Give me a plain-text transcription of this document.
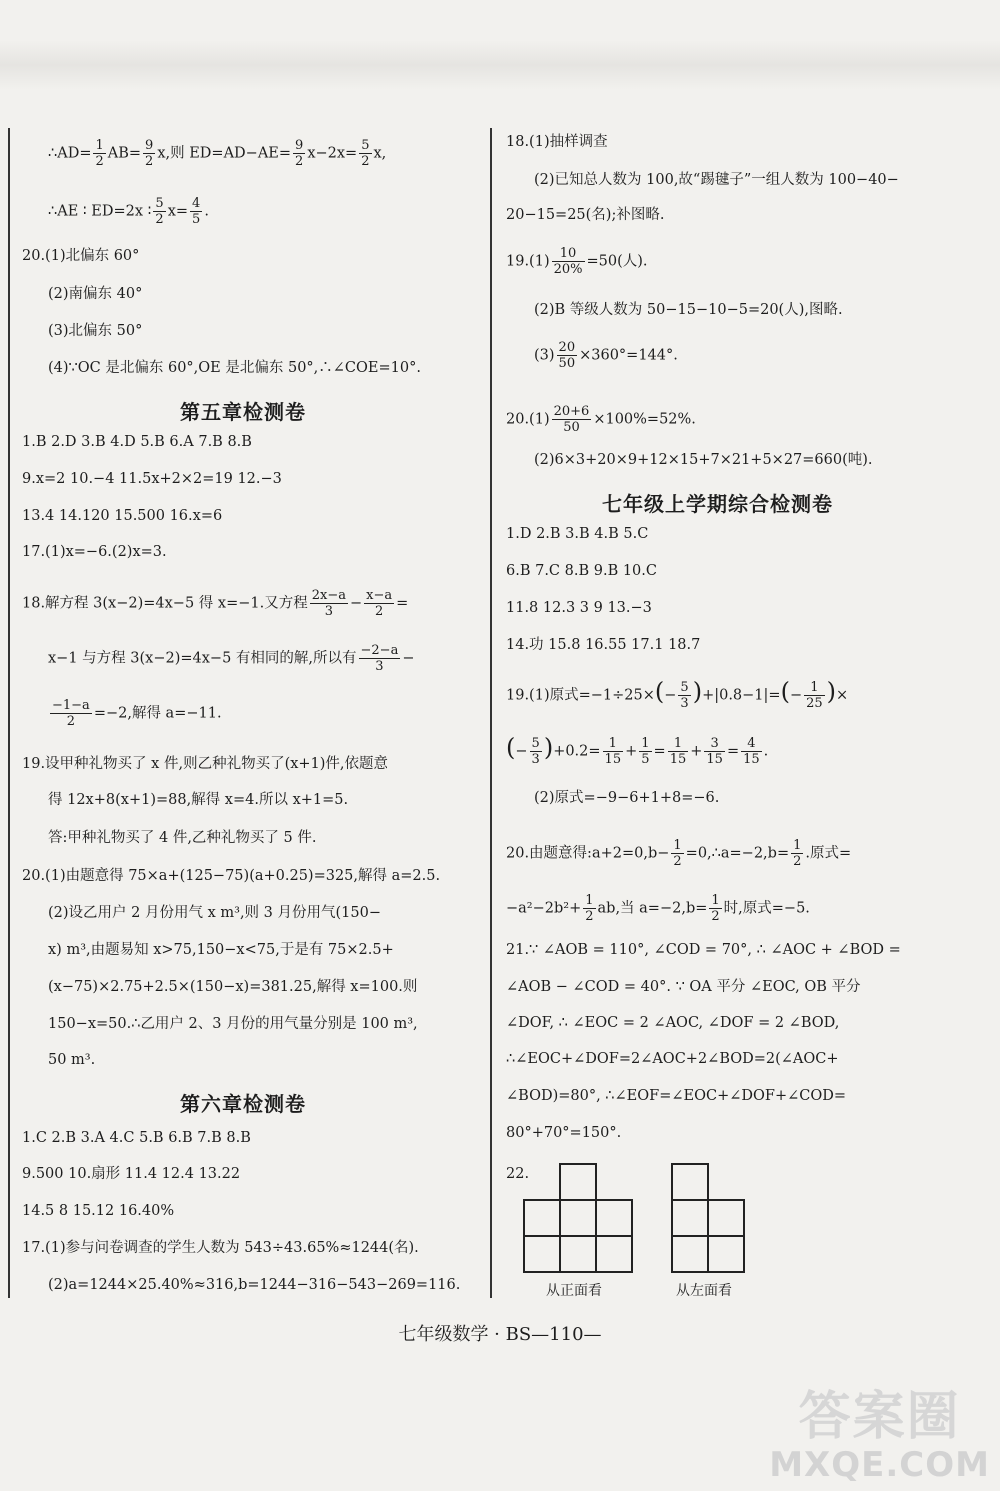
∴AD= $\frac{1}{2} AB= \frac{9}{2} x$,则 $ED=AD-AE= \frac{9}{2} x-2x= \frac{5}{2} x$,
∴AE ∶ ED=2x ∶ $\frac{5}{2} x= \frac{4}{5}$ .
20.(1)北偏东 60°
(2)南偏东 40°
(3)北偏东 50°
(4)∵OC 是北偏东 60°,OE 是北偏东 50°,∴∠COE=10°.
第五章检测卷
1.B 2.D 3.B 4.D 5.B 6.A 7.B 8.B
9.x=2 10.−4 11.5x+2×2=19 12.−3
13.4 14.120 15.500 16.x=6
17.(1)x=−6.(2)x=3.
18.解方程 3(x−2)=4x−5 得 x=−1.又方程 $\frac{2x-a}{3} - \frac{x-a}{2}$ =
x−1 与方程 3(x−2)=4x−5 有相同的解,所以有 $\frac{-2-a}{3}$ −
$\frac{-1-a}{2} =-2$,解得 a=−11.
19.设甲种礼物买了 x 件,则乙种礼物买了(x+1)件,依题意
得 12x+8(x+1)=88,解得 x=4.所以 x+1=5.
答:甲种礼物买了 4 件,乙种礼物买了 5 件.
20.(1)由题意得 75×a+(125−75)(a+0.25)=325,解得 a=2.5.
(2)设乙用户 2 月份用气 x m³,则 3 月份用气(150−
x) m³,由题易知 x>75,150−x<75,于是有 75×2.5+
(x−75)×2.75+2.5×(150−x)=381.25,解得 x=100.则
150−x=50.∴乙用户 2、3 月份的用气量分别是 100 m³,
50 m³.
第六章检测卷
1.C 2.B 3.A 4.C 5.B 6.B 7.B 8.B
9.500 10.扇形 11.4 12.4 13.22
14.5 8 15.12 16.40%
17.(1)参与问卷调查的学生人数为 543÷43.65%≈1244(名).
(2)a=1244×25.40%≈316,b=1244−316−543−269=116.
18.(1)抽样调查
(2)已知总人数为 100,故“踢毽子”一组人数为 100−40−
20−15=25(名);补图略.
$19.(1) \frac{10}{20\%} =50$(人).
(2)B 等级人数为 50−15−10−5=20(人),图略.
$(3) \frac{20}{50} \times 360^\circ=144^\circ$.
$20.(1) \frac{20+6}{50} \times 100\%=52\%$.
(2)6×3+20×9+12×15+7×21+5×27=660(吨).
七年级上学期综合检测卷
1.D 2.B 3.B 4.B 5.C
6.B 7.C 8.B 9.B 10.C
11.8 12.3 3 9 13.−3
14.功 15.8 16.55 17.1 18.7
19.(1)原式$=-1\div 25\times(- \frac{5}{3} )+|0.8-1|=(- \frac{1}{25}$ )×
(− $\frac{5}{3} )+0.2= \frac{1}{15} + \frac{1}{5} = \frac{1}{15} + \frac{3}{15} = \frac{4}{15}$ .
(2)原式=−9−6+1+8=−6.
20.由题意得:a+2=0,b− $\frac{1}{2}$ =0,∴a=−2,b= $\frac{1}{2}$ .原式=
$-a^2-2b^2+ \frac{1}{2}$ ab,当 $a=-2,b= \frac{1}{2}$ 时,原式=−5.
21.∵ ∠AOB = 110°, ∠COD = 70°, ∴ ∠AOC + ∠BOD =
∠AOB − ∠COD = 40°. ∵ OA 平分 ∠EOC, OB 平分
∠DOF, ∴ ∠EOC = 2 ∠AOC, ∠DOF = 2 ∠BOD,
∴∠EOC+∠DOF=2∠AOC+2∠BOD=2(∠AOC+
∠BOD)=80°, ∴∠EOF=∠EOC+∠DOF+∠COD=
80°+70°=150°.
22.
从正面看	从左面看
七年级数学 · BS—110—
答案圈
MXQE.COM
